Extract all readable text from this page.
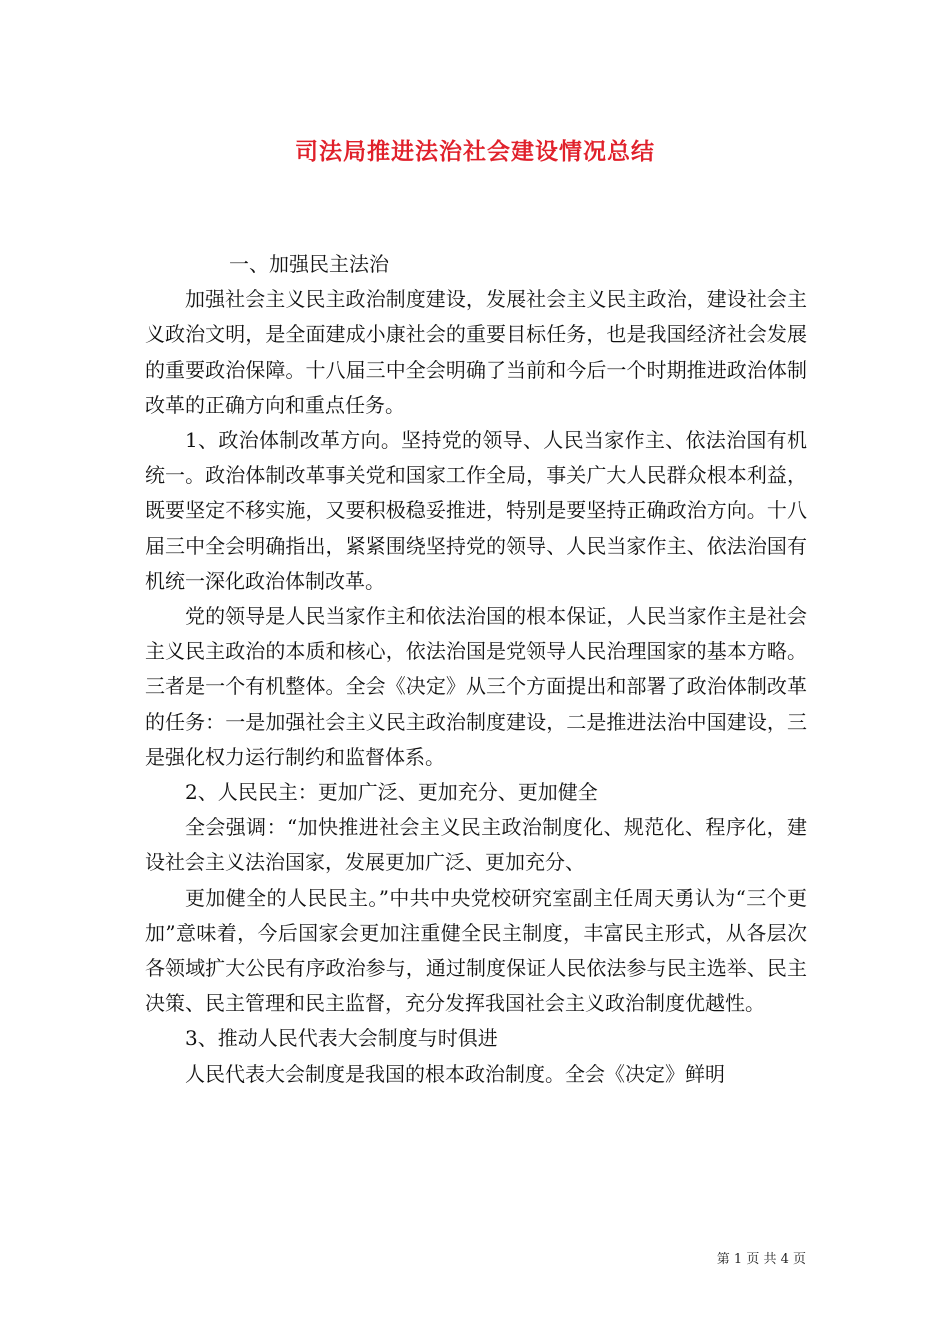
司法局推进法治社会建设情况总结

一、加强民主法治

加强社会主义民主政治制度建设，发展社会主义民主政治，建设社会主义政治文明，是全面建成小康社会的重要目标任务，也是我国经济社会发展的重要政治保障。十八届三中全会明确了当前和今后一个时期推进政治体制改革的正确方向和重点任务。

1、政治体制改革方向。坚持党的领导、人民当家作主、依法治国有机统一。政治体制改革事关党和国家工作全局，事关广大人民群众根本利益，既要坚定不移实施，又要积极稳妥推进，特别是要坚持正确政治方向。十八届三中全会明确指出，紧紧围绕坚持党的领导、人民当家作主、依法治国有机统一深化政治体制改革。

党的领导是人民当家作主和依法治国的根本保证，人民当家作主是社会主义民主政治的本质和核心，依法治国是党领导人民治理国家的基本方略。三者是一个有机整体。全会《决定》从三个方面提出和部署了政治体制改革的任务：一是加强社会主义民主政治制度建设，二是推进法治中国建设，三是强化权力运行制约和监督体系。

2、人民民主：更加广泛、更加充分、更加健全

全会强调：“加快推进社会主义民主政治制度化、规范化、程序化，建设社会主义法治国家，发展更加广泛、更加充分、

更加健全的人民民主。”中共中央党校研究室副主任周天勇认为“三个更加”意味着，今后国家会更加注重健全民主制度，丰富民主形式，从各层次各领域扩大公民有序政治参与，通过制度保证人民依法参与民主选举、民主决策、民主管理和民主监督，充分发挥我国社会主义政治制度优越性。

3、推动人民代表大会制度与时俱进

人民代表大会制度是我国的根本政治制度。全会《决定》鲜明

第 1 页 共 4 页
